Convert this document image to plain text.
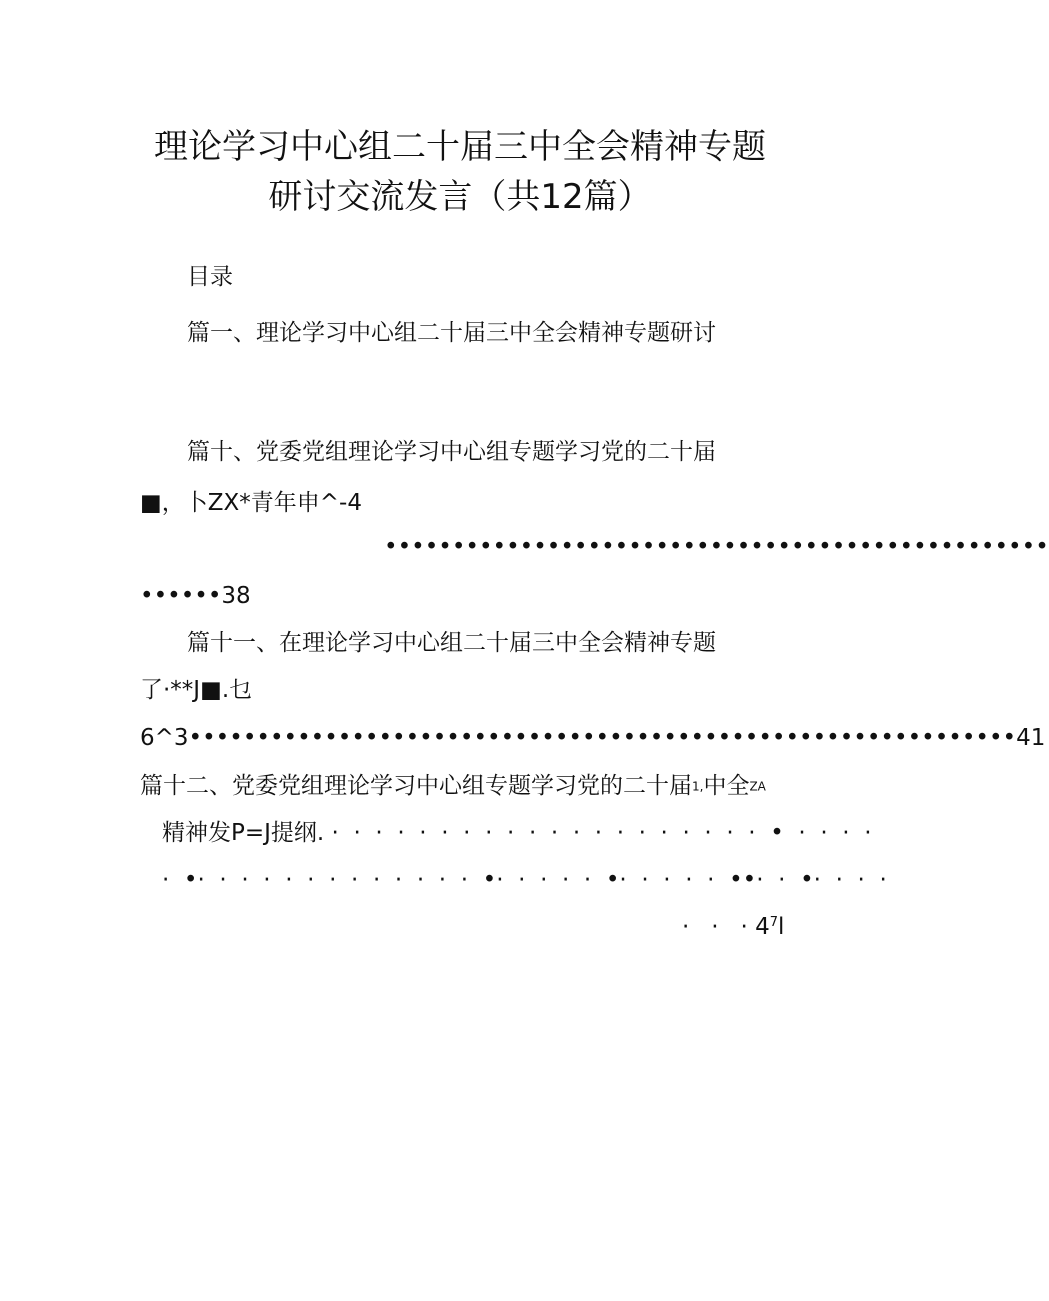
理论学习中心组二十届三中全会精神专题
研讨交流发言（共12篇）
目录
篇一、理论学习中心组二十届三中全会精神专题研讨
篇十、党委党组理论学习中心组专题学习党的二十届
■，卜ZX*青年申^-4
•••••••••••••••••••••••••••••••••••••••••••••••••
••••••38
篇十一、在理论学习中心组二十届三中全会精神专题
了·**J■.乜
6^3•••••••••••••••••••••••••••••••••••••••••••••••••••••••••••••41
篇十二、党委党组理论学习中心组专题学习党的二十届1,中全ZA
精神发P=J提纲. ·  ·  ·  ·  ·  ·  ·  ·  ·  ·  ·  ·  ·  ·  ·  ·  ·  ·  ·  ·  •  ·  ·  ·  ·
·  •·  ·  ·  ·  ·  ·  ·  ·  ·  ·  ·  ·  ·  •·  ·  ·  ·  ·  •·  ·  ·  ·  ·  ••·  ·  •·  ·  ·  ·
·   ·   · $4^7l$
